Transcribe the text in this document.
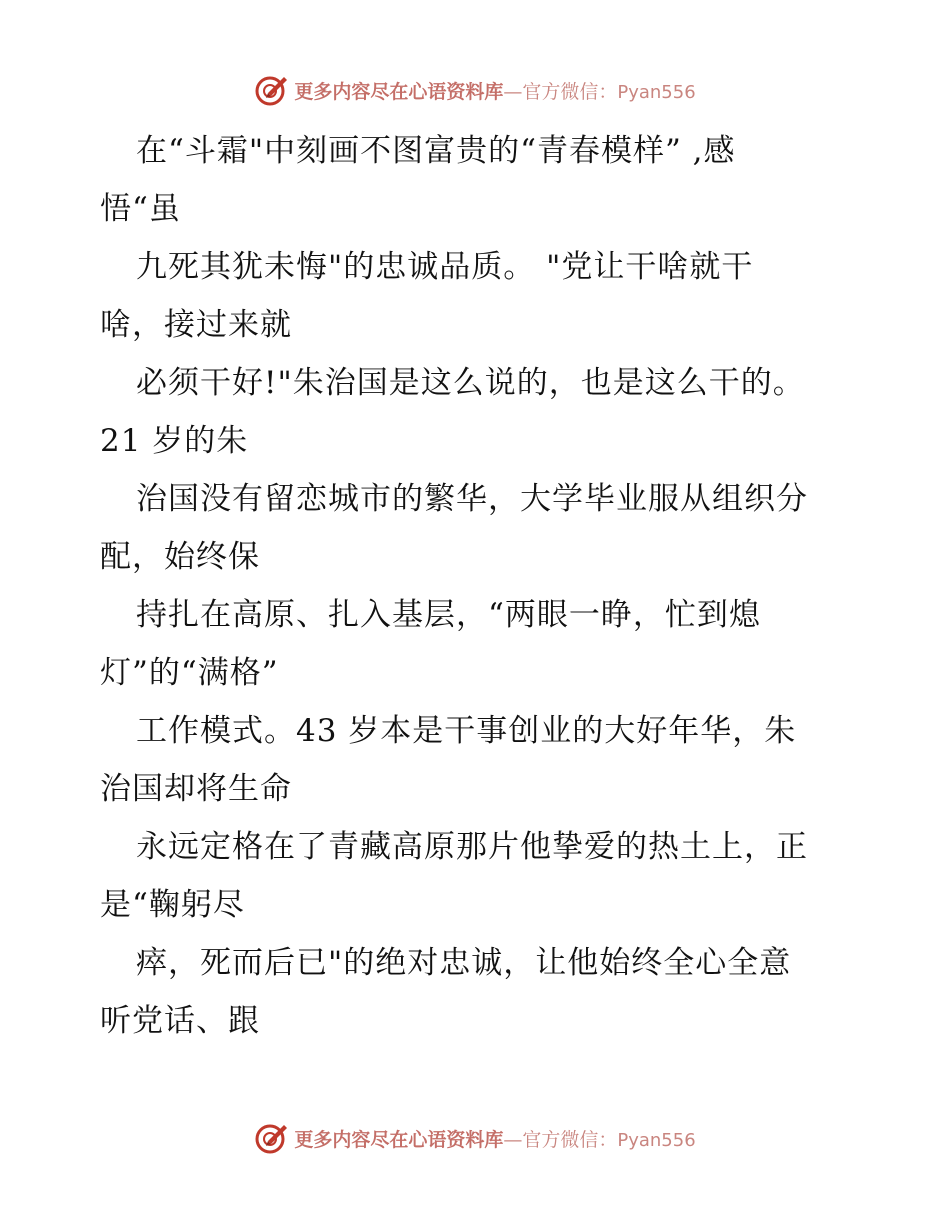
更多内容尽在心语资料库—官方微信：Pyan556
在“斗霜"中刻画不图富贵的“青春模样” ,感
悟“虽
九死其犹未悔"的忠诚品质。 "党让干啥就干
啥，接过来就
必须干好!"朱治国是这么说的，也是这么干的。
21 岁的朱
治国没有留恋城市的繁华，大学毕业服从组织分
配，始终保
持扎在高原、扎入基层，“两眼一睁，忙到熄
灯”的“满格”
工作模式。43 岁本是干事创业的大好年华，朱
治国却将生命
永远定格在了青藏高原那片他挚爱的热土上，正
是“鞠躬尽
瘁，死而后已"的绝对忠诚，让他始终全心全意
听党话、跟
更多内容尽在心语资料库—官方微信：Pyan556
